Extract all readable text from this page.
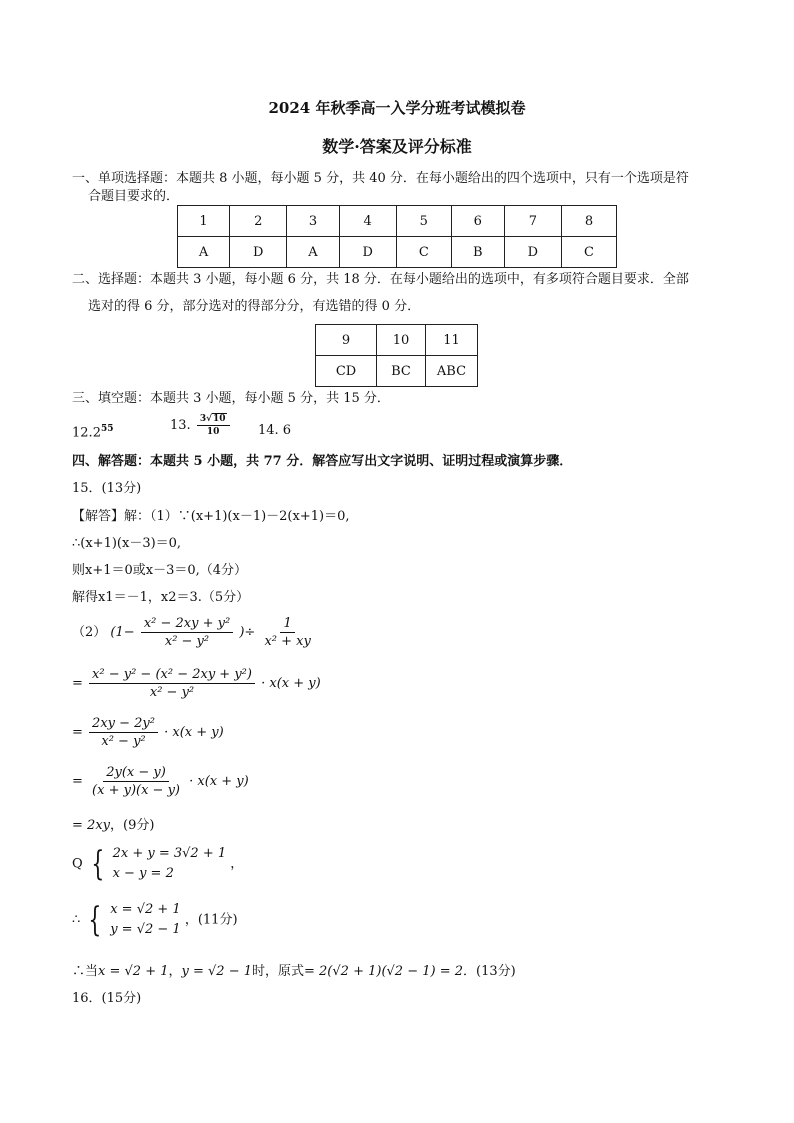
2024 年秋季高一入学分班考试模拟卷
数学·答案及评分标准
一、单项选择题：本题共 8 小题，每小题 5 分，共 40 分．在每小题给出的四个选项中，只有一个选项是符
合题目要求的．
1	2	3	4	5	6	7	8
A	D	A	D	C	B	D	C
二、选择题：本题共 3 小题，每小题 6 分，共 18 分．在每小题给出的选项中，有多项符合题目要求．全部
选对的得 6 分，部分选对的得部分分，有选错的得 0 分．
9	10	11
CD	BC	ABC
三、填空题：本题共 3 小题，每小题 5 分，共 15 分．
12.2$^{55}$	13. $\frac{3√10}{10} 14$. 6
四、解答题：本题共 5 小题，共 77 分．解答应写出文字说明、证明过程或演算步骤．
15．(13分)
【解答】解：（1）∵(x+1)(x－1)－2(x+1)＝0,
∴(x+1)(x－3)＝0,
则x+1＝0或x－3＝0,（4分）
解得x1＝－1，x2＝3.（5分）
（2） ($1- \frac{\text{x² − 2xy + y²}}{\text{x² − y²}}$ )÷ $\frac{1}{\text{x² + xy}}$
= $\frac{\text{x² − y² − (x² − 2xy + y²)}}{\text{x² − y²}} \cdot x(x + y)$
= $\frac{\text{2xy − 2y²}}{\text{x² − y²}} \cdot x(x + y)$
= $\frac{2y(x - y)}{(x + y)(x - y)} \cdot x(x + y)$
= 2xy，(9分)
Q { 2x + y = 3√2 + 1
x − y = 2
，
∴ { x = √2 + 1
y = √2 − 1
，(11分)
∴当x = √2 + 1，y = √2 − 1时，原式= 2(√2 + 1)(√2 − 1) = 2．(13分)
16．(15分)
